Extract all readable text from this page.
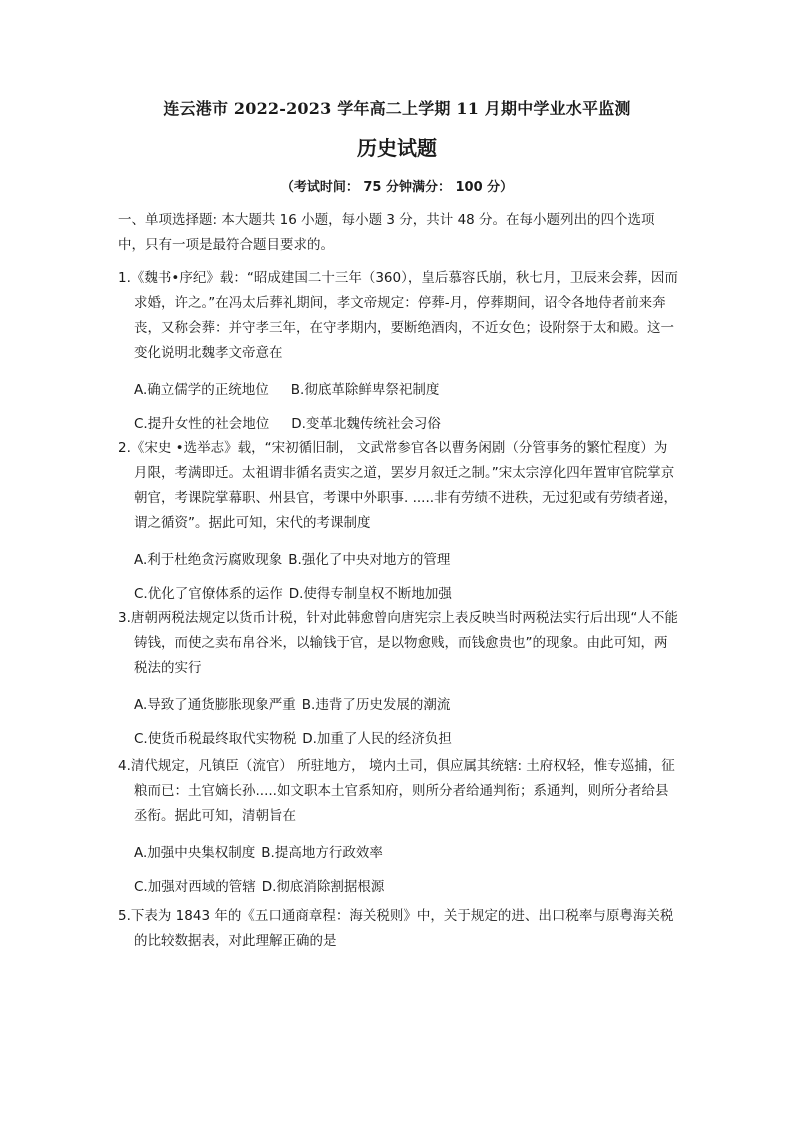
连云港市 2022-2023 学年高二上学期 11 月期中学业水平监测
历史试题
（考试时间： 75 分钟满分： 100 分）
一、单项选择题: 本大题共 16 小题，每小题 3 分，共计 48 分。在每小题列出的四个选项中，只有一项是最符合题目要求的。
1.《魏书•序纪》载：“昭成建国二十三年（360），皇后慕容氏崩，秋七月，卫辰来会葬，因而求婚，许之。”在冯太后葬礼期间，孝文帝规定：停葬-月，停葬期间，诏令各地侍者前来奔丧，又称会葬：并守孝三年，在守孝期内，要断绝酒肉，不近女色；设附祭于太和殿。这一变化说明北魏孝文帝意在
A.确立儒学的正统地位 B.彻底革除鲜卑祭祀制度
C.提升女性的社会地位 D.变革北魏传统社会习俗
2.《宋史 •选举志》载，“宋初循旧制， 文武常参官各以曹务闲剧（分管事务的繁忙程度）为月限，考满即迁。太祖谓非循名责实之道，罢岁月叙迁之制。”宋太宗淳化四年置审官院掌京朝官，考课院掌幕职、州县官，考课中外职事. .....非有劳绩不进秩，无过犯或有劳绩者递，谓之循资”。据此可知，宋代的考课制度
A.利于杜绝贪污腐败现象 B.强化了中央对地方的管理
C.优化了官僚体系的运作 D.使得专制皇权不断地加强
3.唐朝两税法规定以货币计税，针对此韩愈曾向唐宪宗上表反映当时两税法实行后出现“人不能铸钱，而使之卖布帛谷米，以输钱于官，是以物愈贱，而钱愈贵也”的现象。由此可知，两税法的实行
A.导致了通货膨胀现象严重 B.违背了历史发展的潮流
C.使货币税最终取代实物税 D.加重了人民的经济负担
4.清代规定，凡镇臣（流官） 所驻地方， 境内土司，俱应属其统辖: 土府权轻，惟专巡捕，征粮而已：土官嫡长孙.....如文职本土官系知府，则所分者给通判衔；系通判，则所分者给县丞衔。据此可知，清朝旨在
A.加强中央集权制度 B.提高地方行政效率
C.加强对西域的管辖 D.彻底消除割据根源
5.下表为 1843 年的《五口通商章程：海关税则》中，关于规定的进、出口税率与原粤海关税的比较数据表，对此理解正确的是
